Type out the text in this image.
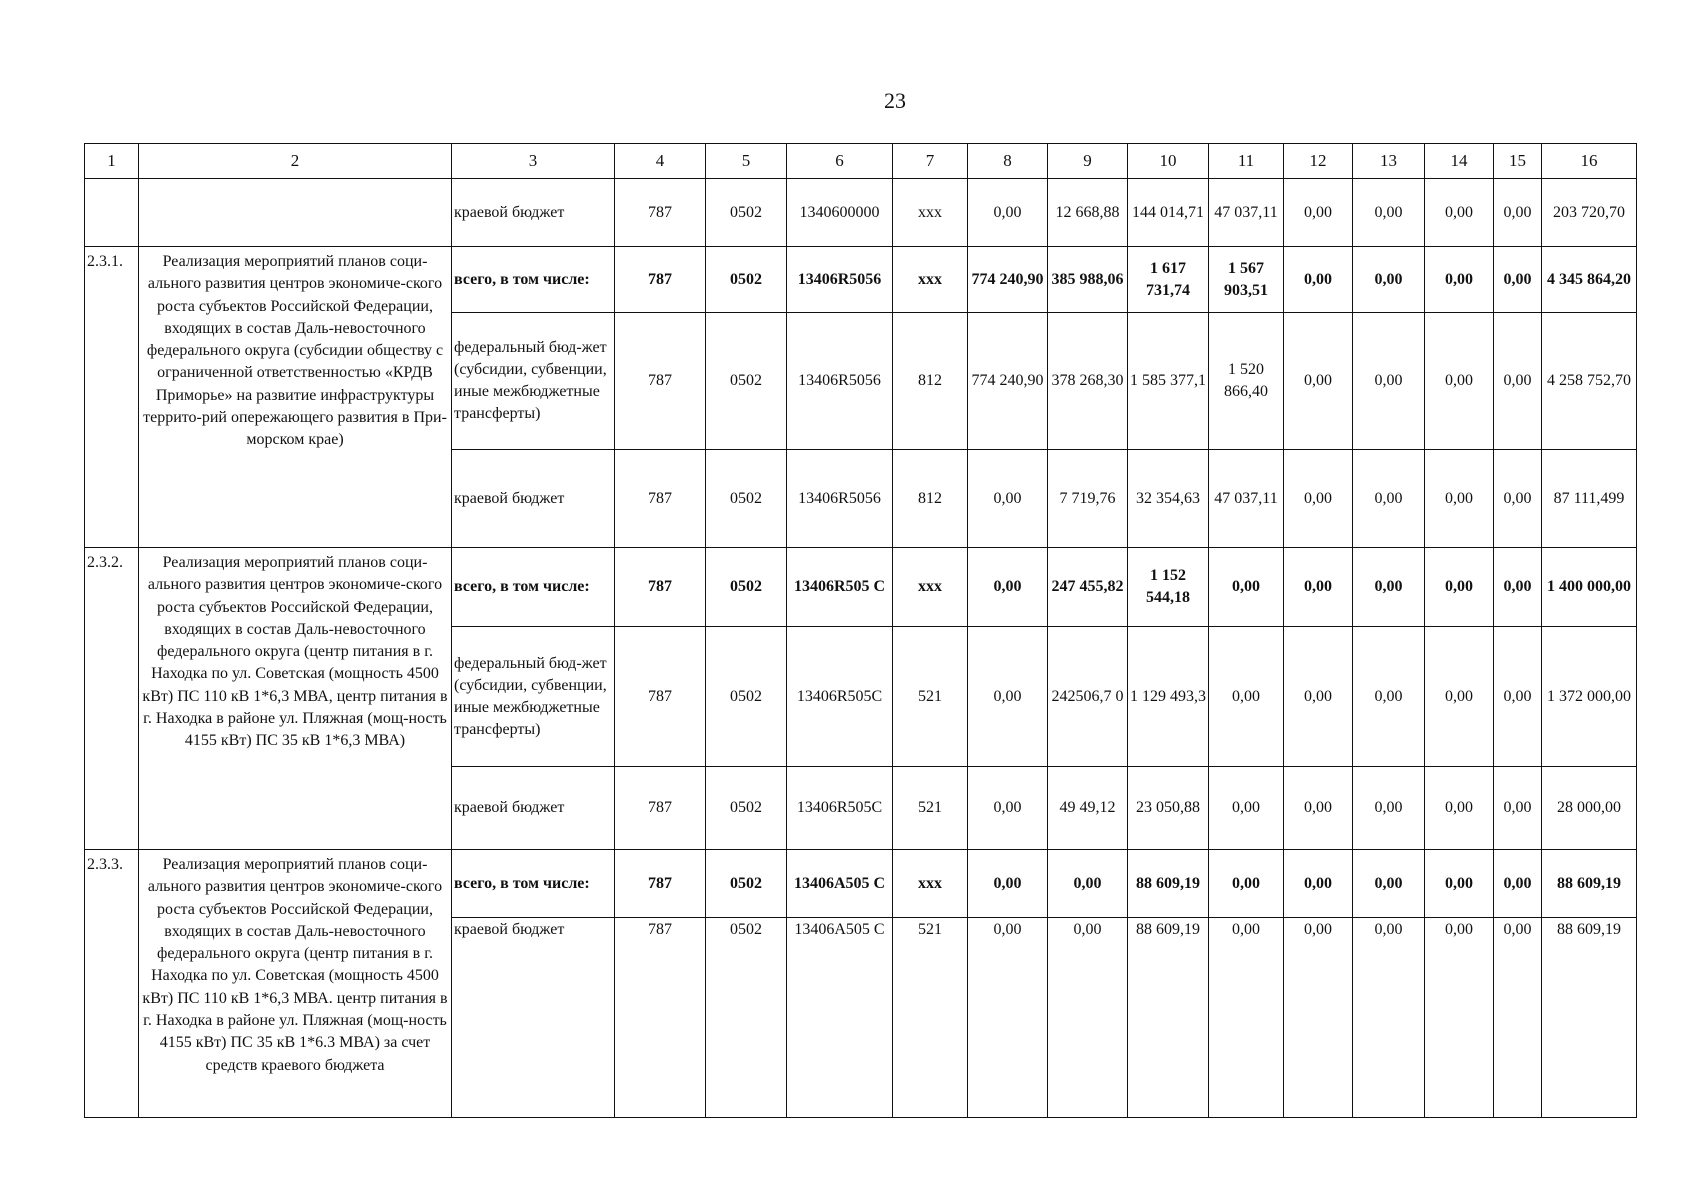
23
1	2	3	4	5	6	7	8	9	10	11	12	13	14	15	16
		краевой бюджет	787	0502	1340600000	xxx	0,00	12 668,88	144 014,71	47 037,11	0,00	0,00	0,00	0,00	203 720,70
2.3.1.	Реализация мероприятий планов соци-ального развития центров экономиче-ского роста субъектов Российской Федерации, входящих в состав Даль-невосточного федерального округа (субсидии обществу с ограниченной ответственностью «КРДВ Приморье» на развитие инфраструктуры террито-рий опережающего развития в При-морском крае)	всего, в том числе:	787	0502	13406R5056	xxx	774 240,90	385 988,06	1 617 731,74	1 567 903,51	0,00	0,00	0,00	0,00	4 345 864,20
		федеральный бюд-жет (субсидии, субвенции, иные межбюджетные трансферты)	787	0502	13406R5056	812	774 240,90	378 268,30	1 585 377,1	1 520 866,40	0,00	0,00	0,00	0,00	4 258 752,70
		краевой бюджет	787	0502	13406R5056	812	0,00	7 719,76	32 354,63	47 037,11	0,00	0,00	0,00	0,00	87 111,499
2.3.2.	Реализация мероприятий планов соци-ального развития центров экономиче-ского роста субъектов Российской Федерации, входящих в состав Даль-невосточного федерального округа (центр питания в г. Находка по ул. Советская (мощность 4500 кВт) ПС 110 кВ 1*6,3 МВА, центр питания в г. Находка в районе ул. Пляжная (мощ-ность 4155 кВт) ПС 35 кВ 1*6,3 МВА)	всего, в том числе:	787	0502	13406R505 С	xxx	0,00	247 455,82	1 152 544,18	0,00	0,00	0,00	0,00	0,00	1 400 000,00
		федеральный бюд-жет (субсидии, субвенции, иные межбюджетные трансферты)	787	0502	13406R505С	521	0,00	242506,7 0	1 129 493,3	0,00	0,00	0,00	0,00	0,00	1 372 000,00
		краевой бюджет	787	0502	13406R505С	521	0,00	49 49,12	23 050,88	0,00	0,00	0,00	0,00	0,00	28 000,00
2.3.3.	Реализация мероприятий планов соци-ального развития центров экономиче-ского роста субъектов Российской Федерации, входящих в состав Даль-невосточного федерального округа (центр питания в г. Находка по ул. Советская (мощность 4500 кВт) ПС 110 кВ 1*6,3 МВА. центр питания в г. Находка в районе ул. Пляжная (мощ-ность 4155 кВт) ПС 35 кВ 1*6.3 МВА) за счет средств краевого бюджета	всего, в том числе:	787	0502	13406A505 С	xxx	0,00	0,00	88 609,19	0,00	0,00	0,00	0,00	0,00	88 609,19
		краевой бюджет	787	0502	13406A505 С	521	0,00	0,00	88 609,19	0,00	0,00	0,00	0,00	0,00	88 609,19
